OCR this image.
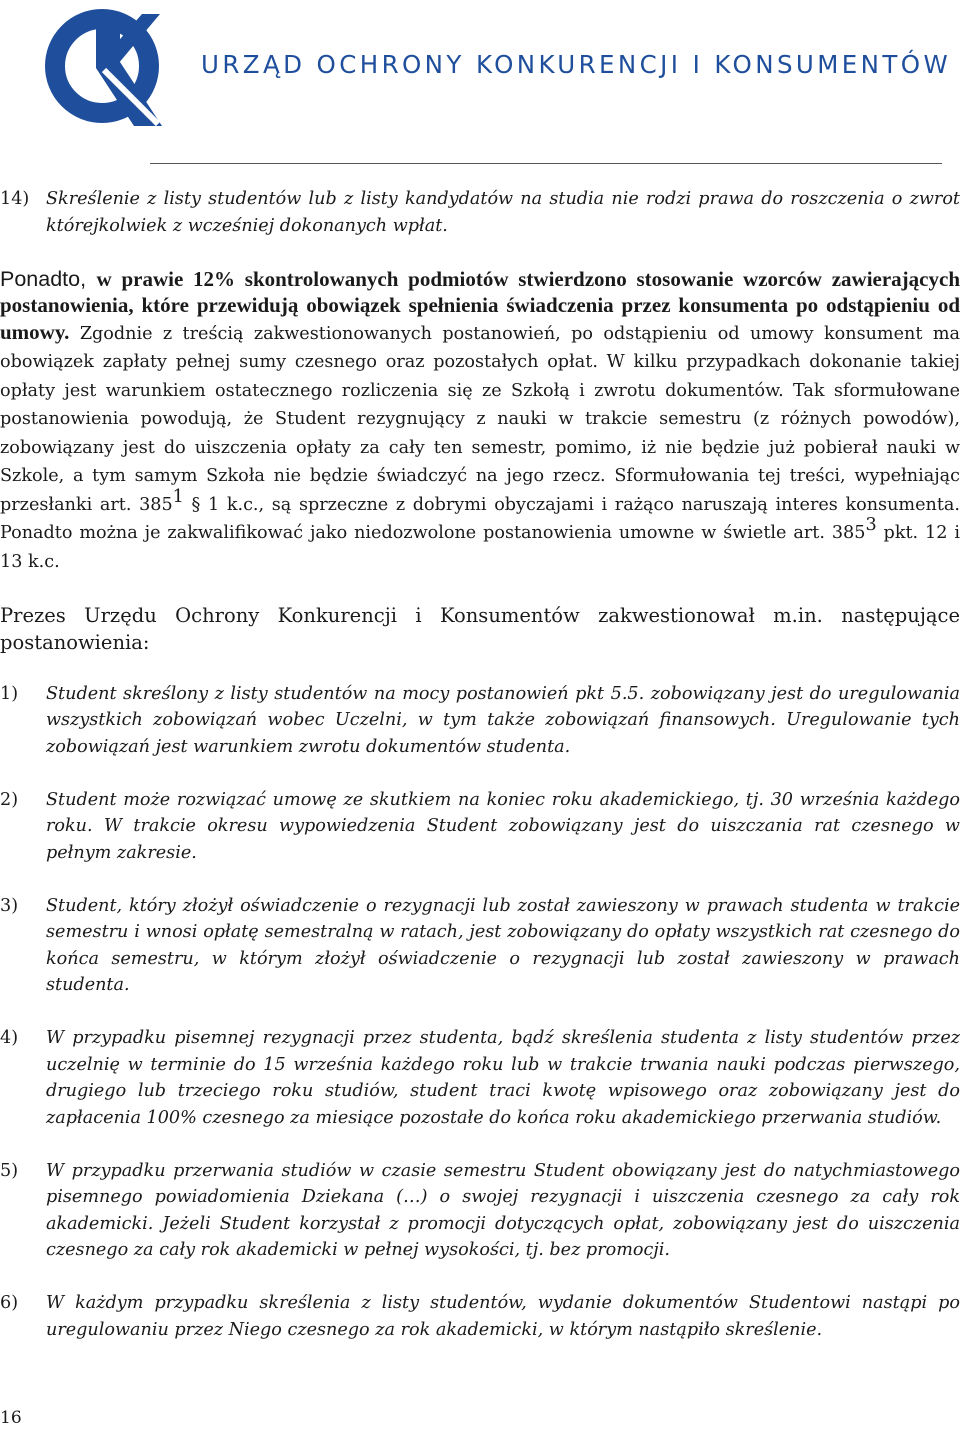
URZĄD OCHRONY KONKURENCJI I KONSUMENTÓW
14) Skreślenie z listy studentów lub z listy kandydatów na studia nie rodzi prawa do roszczenia o zwrot którejkolwiek z wcześniej dokonanych wpłat.

Ponadto, w prawie 12% skontrolowanych podmiotów stwierdzono stosowanie wzorców zawierających postanowienia, które przewidują obowiązek spełnienia świadczenia przez konsumenta po odstąpieniu od umowy. Zgodnie z treścią zakwestionowanych postanowień, po odstąpieniu od umowy konsument ma obowiązek zapłaty pełnej sumy czesnego oraz pozostałych opłat. W kilku przypadkach dokonanie takiej opłaty jest warunkiem ostatecznego rozliczenia się ze Szkołą i zwrotu dokumentów. Tak sformułowane postanowienia powodują, że Student rezygnujący z nauki w trakcie semestru (z różnych powodów), zobowiązany jest do uiszczenia opłaty za cały ten semestr, pomimo, iż nie będzie już pobierał nauki w Szkole, a tym samym Szkoła nie będzie świadczyć na jego rzecz. Sformułowania tej treści, wypełniając przesłanki art. $385^1$ § 1 k.c., są sprzeczne z dobrymi obyczajami i rażąco naruszają interes konsumenta. Ponadto można je zakwalifikować jako niedozwolone postanowienia umowne w świetle art. $385^3$ pkt. 12 i 13 k.c.

Prezes Urzędu Ochrony Konkurencji i Konsumentów zakwestionował m.in. następujące postanowienia:

1)	Student skreślony z listy studentów na mocy postanowień pkt 5.5. zobowiązany jest do uregulowania wszystkich zobowiązań wobec Uczelni, w tym także zobowiązań finansowych. Uregulowanie tych zobowiązań jest warunkiem zwrotu dokumentów studenta.
2)	Student może rozwiązać umowę ze skutkiem na koniec roku akademickiego, tj. 30 września każdego roku. W trakcie okresu wypowiedzenia Student zobowiązany jest do uiszczania rat czesnego w pełnym zakresie.
3)	Student, który złożył oświadczenie o rezygnacji lub został zawieszony w prawach studenta w trakcie semestru i wnosi opłatę semestralną w ratach, jest zobowiązany do opłaty wszystkich rat czesnego do końca semestru, w którym złożył oświadczenie o rezygnacji lub został zawieszony w prawach studenta.
4)	W przypadku pisemnej rezygnacji przez studenta, bądź skreślenia studenta z listy studentów przez uczelnię w terminie do 15 września każdego roku lub w trakcie trwania nauki podczas pierwszego, drugiego lub trzeciego roku studiów, student traci kwotę wpisowego oraz zobowiązany jest do zapłacenia 100% czesnego za miesiące pozostałe do końca roku akademickiego przerwania studiów.
5)	W przypadku przerwania studiów w czasie semestru Student obowiązany jest do natychmiastowego pisemnego powiadomienia Dziekana (…) o swojej rezygnacji i uiszczenia czesnego za cały rok akademicki. Jeżeli Student korzystał z promocji dotyczących opłat, zobowiązany jest do uiszczenia czesnego za cały rok akademicki w pełnej wysokości, tj. bez promocji.
6)	W każdym przypadku skreślenia z listy studentów, wydanie dokumentów Studentowi nastąpi po uregulowaniu przez Niego czesnego za rok akademicki, w którym nastąpiło skreślenie.
16
